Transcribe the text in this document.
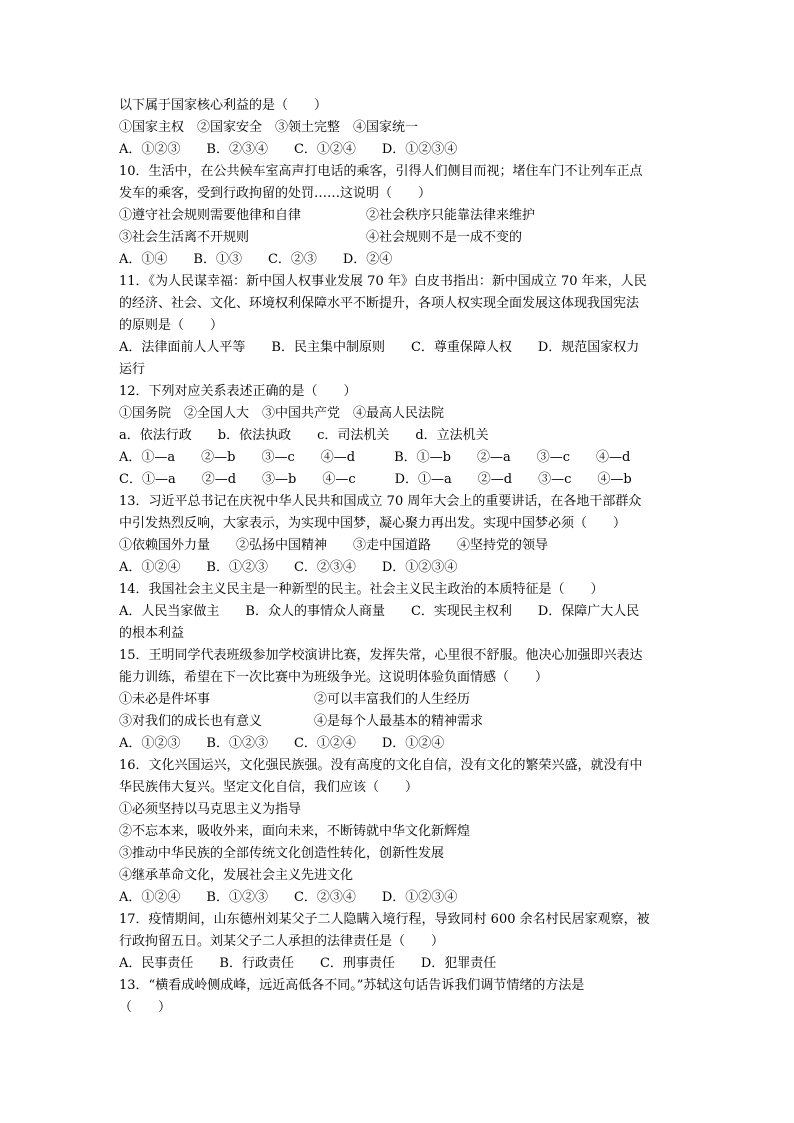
以下属于国家核心利益的是（　　）
①国家主权　②国家安全　③领土完整　④国家统一
A．①②③　　B．②③④　　C．①②④　　D．①②③④
10．生活中，在公共候车室高声打电话的乘客，引得人们侧目而视；堵住车门不让列车正点
发车的乘客，受到行政拘留的处罚……这说明（　　）
①遵守社会规则需要他律和自律　　　　　②社会秩序只能靠法律来维护
③社会生活离不开规则　　　　　　　　　④社会规则不是一成不变的
A．①④　　B．①③　　C．②③　　D．②④
11．《为人民谋幸福：新中国人权事业发展 70 年》白皮书指出：新中国成立 70 年来，人民
的经济、社会、文化、环境权利保障水平不断提升，各项人权实现全面发展这体现我国宪法
的原则是（　　）
A．法律面前人人平等　　B．民主集中制原则　　C．尊重保障人权　　D．规范国家权力
运行
12．下列对应关系表述正确的是（　　）
①国务院　②全国人大　③中国共产党　④最高人民法院
a．依法行政　　b．依法执政　　c．司法机关　　d．立法机关
A．①—a　　②—b　　③—c　　④—d　　　B．①—b　　②—a　　③—c　　④—d
C．①—a　　②—d　　③—b　　④—c　　　D．①—a　　②—d　　③—c　　④—b
13．习近平总书记在庆祝中华人民共和国成立 70 周年大会上的重要讲话，在各地干部群众
中引发热烈反响，大家表示，为实现中国梦，凝心聚力再出发。实现中国梦必须（　　）
①依赖国外力量　　②弘扬中国精神　　③走中国道路　　④坚持党的领导
A．①②④　　B．①②③　　C．②③④　　D．①②③④
14．我国社会主义民主是一种新型的民主。社会主义民主政治的本质特征是（　　）
A．人民当家做主　　B．众人的事情众人商量　　C．实现民主权利　　D．保障广大人民
的根本利益
15．王明同学代表班级参加学校演讲比赛，发挥失常，心里很不舒服。他决心加强即兴表达
能力训练，希望在下一次比赛中为班级争光。这说明体验负面情感（　　）
①未必是件坏事　　　　　　　　②可以丰富我们的人生经历
③对我们的成长也有意义　　　　④是每个人最基本的精神需求
A．①②③　　B．①②③　　C．①②④　　D．①②④
16．文化兴国运兴，文化强民族强。没有高度的文化自信，没有文化的繁荣兴盛，就没有中
华民族伟大复兴。坚定文化自信，我们应该（　　）
①必须坚持以马克思主义为指导
②不忘本来，吸收外来，面向未来，不断铸就中华文化新辉煌
③推动中华民族的全部传统文化创造性转化，创新性发展
④继承革命文化，发展社会主义先进文化
A．①②④　　B．①②③　　C．②③④　　D．①②③④
17．疫情期间，山东德州刘某父子二人隐瞒入境行程，导致同村 600 余名村民居家观察，被
行政拘留五日。刘某父子二人承担的法律责任是（　　）
A．民事责任　　B．行政责任　　C．刑事责任　　D．犯罪责任
13．“横看成岭侧成峰，远近高低各不同。”苏轼这句话告诉我们调节情绪的方法是
（　　）
